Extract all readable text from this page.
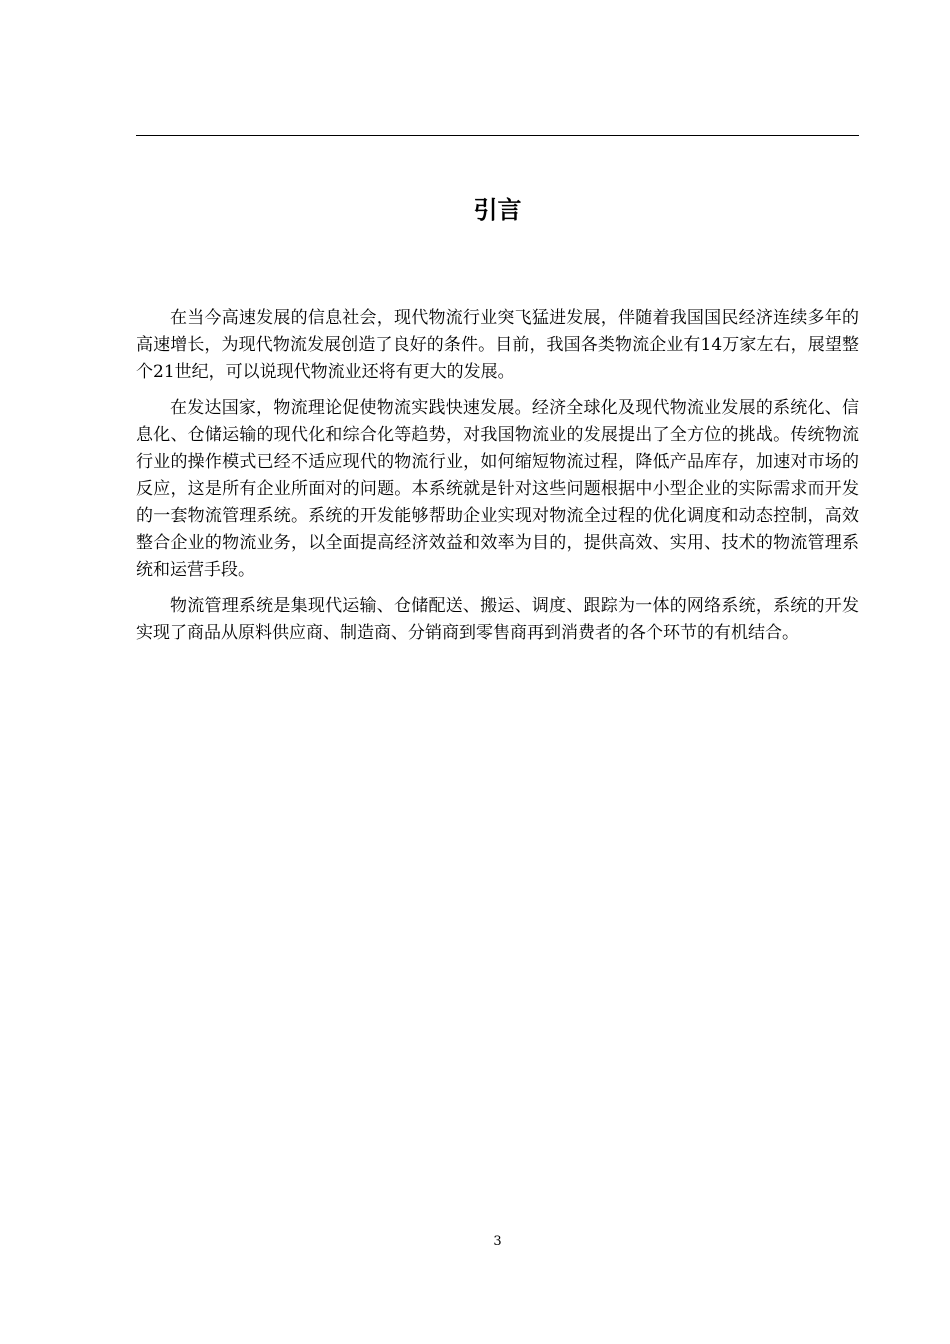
引言

在当今高速发展的信息社会，现代物流行业突飞猛进发展，伴随着我国国民经济连续多年的高速增长，为现代物流发展创造了良好的条件。目前，我国各类物流企业有14万家左右，展望整个21世纪，可以说现代物流业还将有更大的发展。

在发达国家，物流理论促使物流实践快速发展。经济全球化及现代物流业发展的系统化、信息化、仓储运输的现代化和综合化等趋势，对我国物流业的发展提出了全方位的挑战。传统物流行业的操作模式已经不适应现代的物流行业，如何缩短物流过程，降低产品库存，加速对市场的反应，这是所有企业所面对的问题。本系统就是针对这些问题根据中小型企业的实际需求而开发的一套物流管理系统。系统的开发能够帮助企业实现对物流全过程的优化调度和动态控制，高效整合企业的物流业务，以全面提高经济效益和效率为目的，提供高效、实用、技术的物流管理系统和运营手段。

物流管理系统是集现代运输、仓储配送、搬运、调度、跟踪为一体的网络系统，系统的开发实现了商品从原料供应商、制造商、分销商到零售商再到消费者的各个环节的有机结合。

3
